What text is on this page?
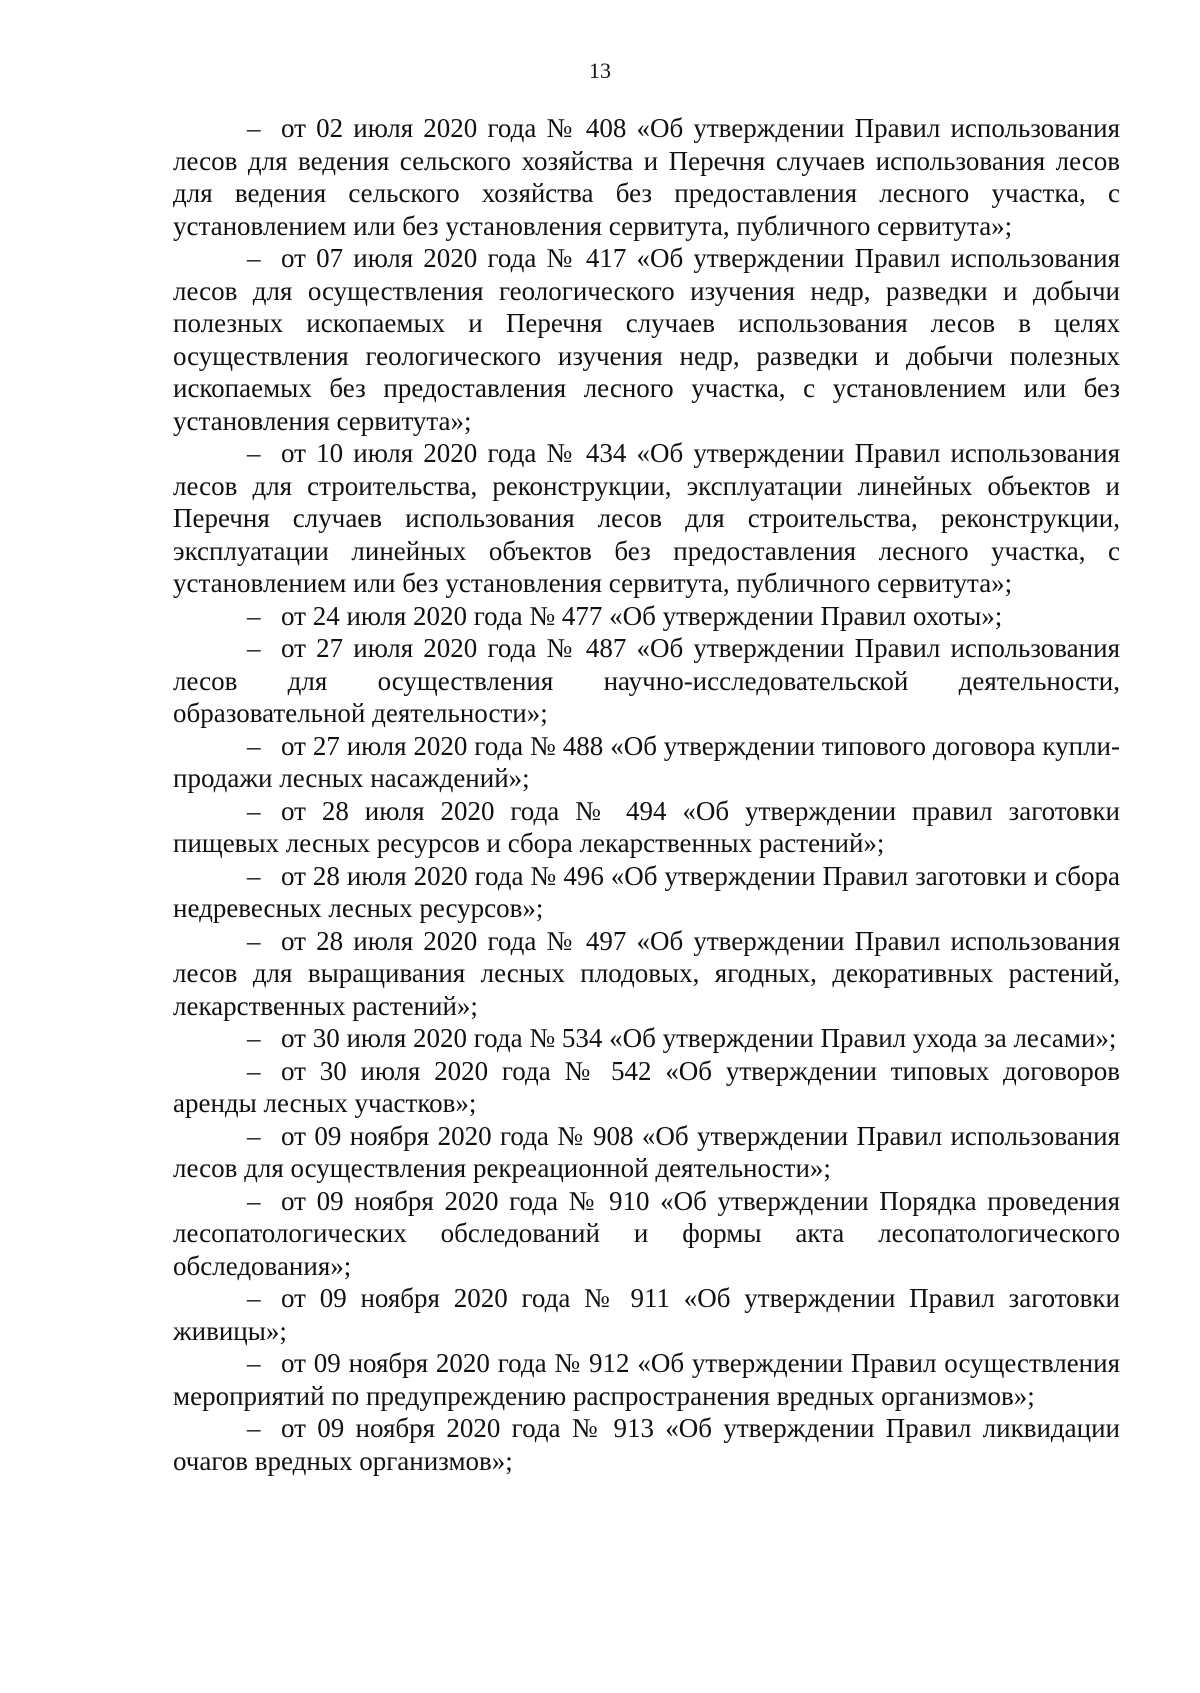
13

– от 02 июля 2020 года № 408 «Об утверждении Правил использования лесов для ведения сельского хозяйства и Перечня случаев использования лесов для ведения сельского хозяйства без предоставления лесного участка, с установлением или без установления сервитута, публичного сервитута»;

– от 07 июля 2020 года № 417 «Об утверждении Правил использования лесов для осуществления геологического изучения недр, разведки и добычи полезных ископаемых и Перечня случаев использования лесов в целях осуществления геологического изучения недр, разведки и добычи полезных ископаемых без предоставления лесного участка, с установлением или без установления сервитута»;

– от 10 июля 2020 года № 434 «Об утверждении Правил использования лесов для строительства, реконструкции, эксплуатации линейных объектов и Перечня случаев использования лесов для строительства, реконструкции, эксплуатации линейных объектов без предоставления лесного участка, с установлением или без установления сервитута, публичного сервитута»;

– от 24 июля 2020 года № 477 «Об утверждении Правил охоты»;

– от 27 июля 2020 года № 487 «Об утверждении Правил использования лесов для осуществления научно-исследовательской деятельности, образовательной деятельности»;

– от 27 июля 2020 года № 488 «Об утверждении типового договора купли-продажи лесных насаждений»;

– от 28 июля 2020 года № 494 «Об утверждении правил заготовки пищевых лесных ресурсов и сбора лекарственных растений»;

– от 28 июля 2020 года № 496 «Об утверждении Правил заготовки и сбора недревесных лесных ресурсов»;

– от 28 июля 2020 года № 497 «Об утверждении Правил использования лесов для выращивания лесных плодовых, ягодных, декоративных растений, лекарственных растений»;

– от 30 июля 2020 года № 534 «Об утверждении Правил ухода за лесами»;

– от 30 июля 2020 года № 542 «Об утверждении типовых договоров аренды лесных участков»;

– от 09 ноября 2020 года № 908 «Об утверждении Правил использования лесов для осуществления рекреационной деятельности»;

– от 09 ноября 2020 года № 910 «Об утверждении Порядка проведения лесопатологических обследований и формы акта лесопатологического обследования»;

– от 09 ноября 2020 года № 911 «Об утверждении Правил заготовки живицы»;

– от 09 ноября 2020 года № 912 «Об утверждении Правил осуществления мероприятий по предупреждению распространения вредных организмов»;

– от 09 ноября 2020 года № 913 «Об утверждении Правил ликвидации очагов вредных организмов»;
